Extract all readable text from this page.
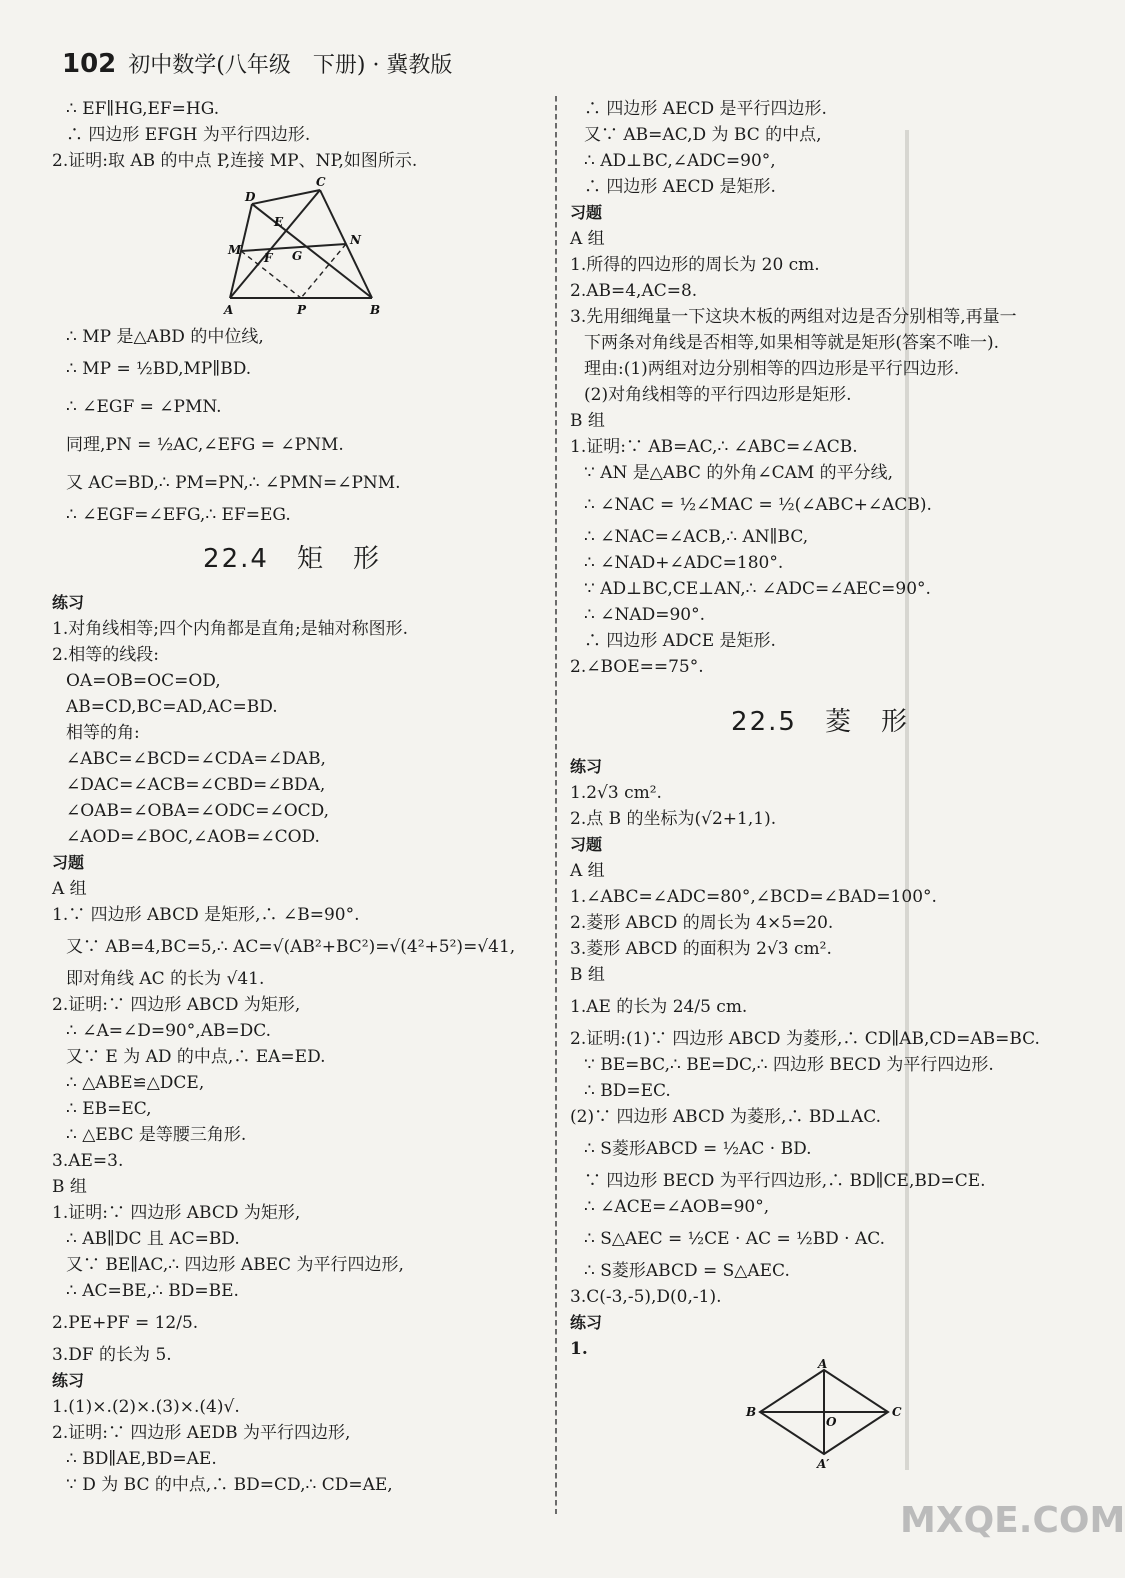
102 初中数学(八年级　下册) · 冀教版
∴ EF∥HG,EF=HG.
∴ 四边形 EFGH 为平行四边形.
2.证明:取 AB 的中点 P,连接 MP、NP,如图所示.
C
D
E
M
N
F G
A	P	B
∴ MP 是△ABD 的中位线,
∴ MP = ½BD,MP∥BD.
∴ ∠EGF = ∠PMN.
同理,PN = ½AC,∠EFG = ∠PNM.
又 AC=BD,∴ PM=PN,∴ ∠PMN=∠PNM.
∴ ∠EGF=∠EFG,∴ EF=EG.
22.4　矩　形
练习
1.对角线相等;四个内角都是直角;是轴对称图形.
2.相等的线段:
OA=OB=OC=OD,
AB=CD,BC=AD,AC=BD.
相等的角:
∠ABC=∠BCD=∠CDA=∠DAB,
∠DAC=∠ACB=∠CBD=∠BDA,
∠OAB=∠OBA=∠ODC=∠OCD,
∠AOD=∠BOC,∠AOB=∠COD.
习题
A 组
1.∵ 四边形 ABCD 是矩形,∴ ∠B=90°.
又∵ AB=4,BC=5,∴ AC=√(AB²+BC²)=√(4²+5²)=√41,
即对角线 AC 的长为 √41.
2.证明:∵ 四边形 ABCD 为矩形,
∴ ∠A=∠D=90°,AB=DC.
又∵ E 为 AD 的中点,∴ EA=ED.
∴ △ABE≌△DCE,
∴ EB=EC,
∴ △EBC 是等腰三角形.
3.AE=3.
B 组
1.证明:∵ 四边形 ABCD 为矩形,
∴ AB∥DC 且 AC=BD.
又∵ BE∥AC,∴ 四边形 ABEC 为平行四边形,
∴ AC=BE,∴ BD=BE.
2.PE+PF = 12/5.
3.DF 的长为 5.
练习
1.(1)×.(2)×.(3)×.(4)√.
2.证明:∵ 四边形 AEDB 为平行四边形,
∴ BD∥AE,BD=AE.
∵ D 为 BC 的中点,∴ BD=CD,∴ CD=AE,
∴ 四边形 AECD 是平行四边形.
又∵ AB=AC,D 为 BC 的中点,
∴ AD⊥BC,∠ADC=90°,
∴ 四边形 AECD 是矩形.
习题
A 组
1.所得的四边形的周长为 20 cm.
2.AB=4,AC=8.
3.先用细绳量一下这块木板的两组对边是否分别相等,再量一
下两条对角线是否相等,如果相等就是矩形(答案不唯一).
理由:(1)两组对边分别相等的四边形是平行四边形.
(2)对角线相等的平行四边形是矩形.
B 组
1.证明:∵ AB=AC,∴ ∠ABC=∠ACB.
∵ AN 是△ABC 的外角∠CAM 的平分线,
∴ ∠NAC = ½∠MAC = ½(∠ABC+∠ACB).
∴ ∠NAC=∠ACB,∴ AN∥BC,
∴ ∠NAD+∠ADC=180°.
∵ AD⊥BC,CE⊥AN,∴ ∠ADC=∠AEC=90°.
∴ ∠NAD=90°.
∴ 四边形 ADCE 是矩形.
2.∠BOE==75°.
22.5　菱　形
练习
1.2√3 cm².
2.点 B 的坐标为(√2+1,1).
习题
A 组
1.∠ABC=∠ADC=80°,∠BCD=∠BAD=100°.
2.菱形 ABCD 的周长为 4×5=20.
3.菱形 ABCD 的面积为 2√3 cm².
B 组
1.AE 的长为 24/5 cm.
2.证明:(1)∵ 四边形 ABCD 为菱形,∴ CD∥AB,CD=AB=BC.
∵ BE=BC,∴ BE=DC,∴ 四边形 BECD 为平行四边形.
∴ BD=EC.
(2)∵ 四边形 ABCD 为菱形,∴ BD⊥AC.
∴ S菱形ABCD = ½AC · BD.
∵ 四边形 BECD 为平行四边形,∴ BD∥CE,BD=CE.
∴ ∠ACE=∠AOB=90°,
∴ S△AEC = ½CE · AC = ½BD · AC.
∴ S菱形ABCD = S△AEC.
3.C(-3,-5),D(0,-1).
练习
1.
A
B
O
C
A′
MXQE.COM
